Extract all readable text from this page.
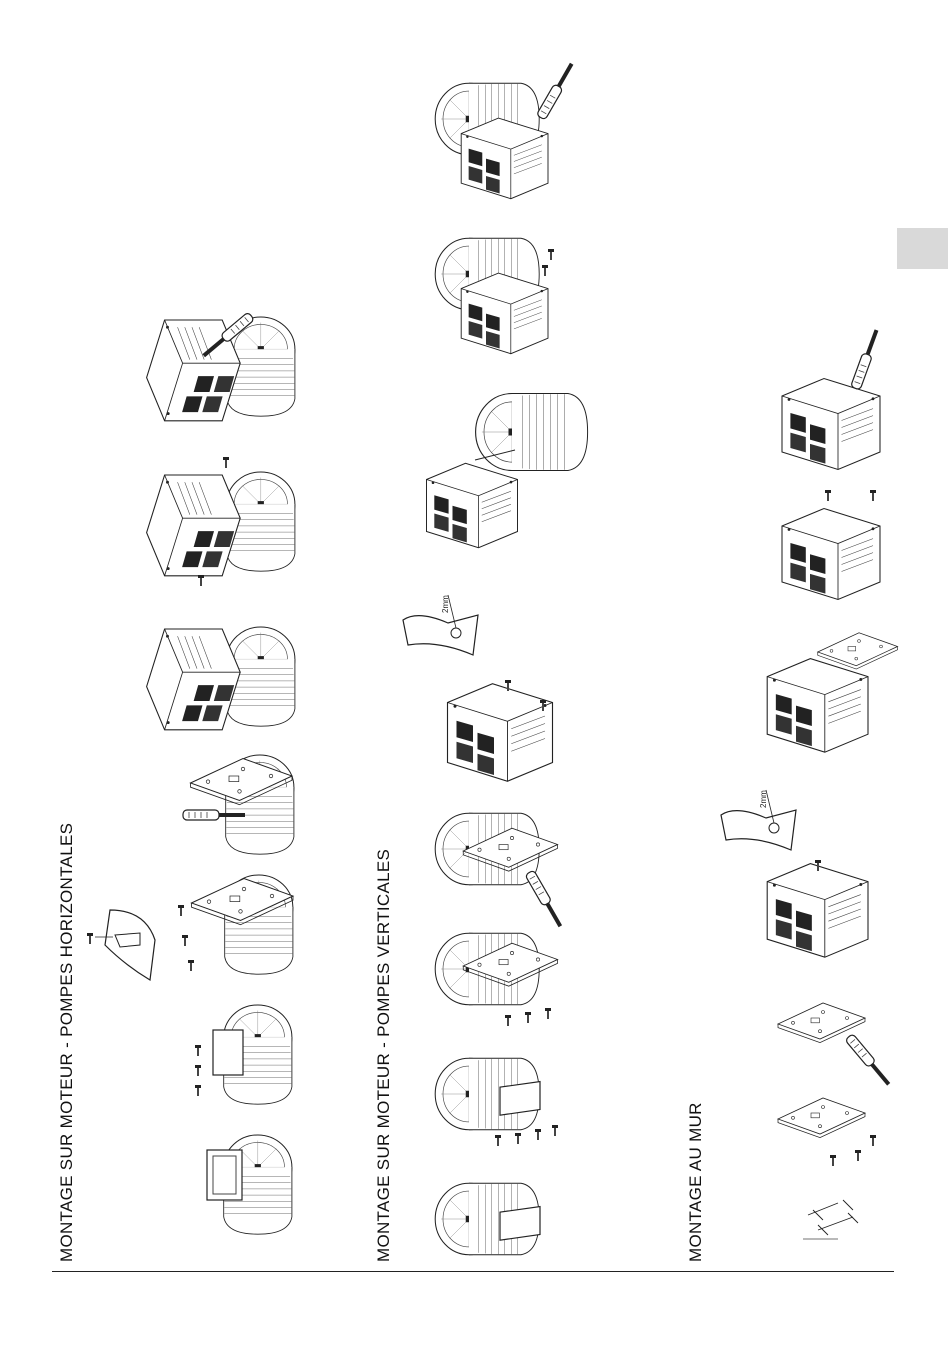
MONTAGE SUR MOTEUR - POMPES HORIZONTALES	MONTAGE SUR MOTEUR - POMPES VERTICALES	MONTAGE AU MUR
2mm
2mm
